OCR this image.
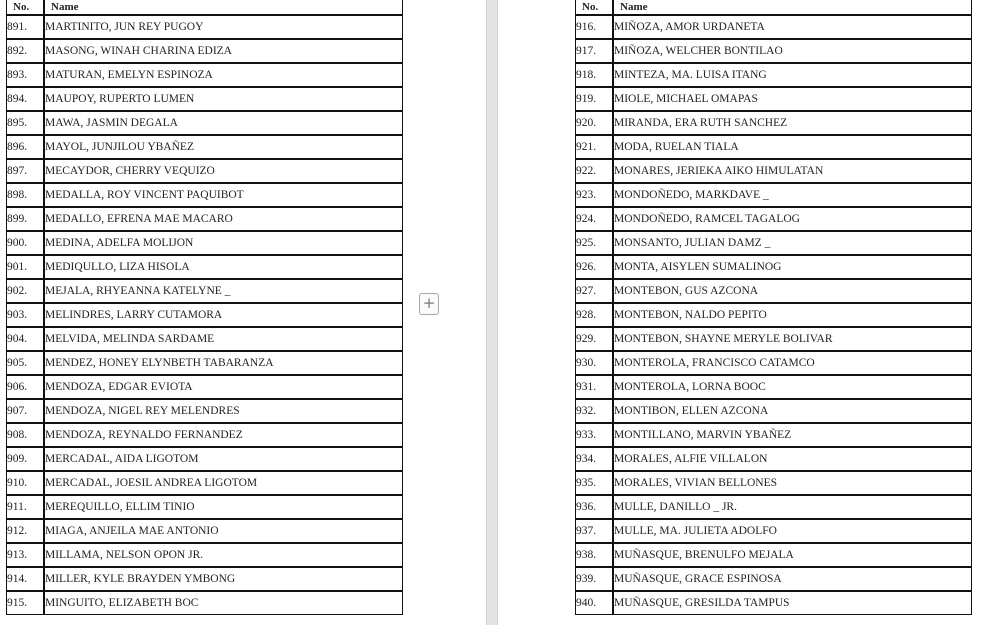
No.	Name
891.	MARTINITO, JUN REY PUGOY
892.	MASONG, WINAH CHARINA EDIZA
893.	MATURAN, EMELYN ESPINOZA
894.	MAUPOY, RUPERTO LUMEN
895.	MAWA, JASMIN DEGALA
896.	MAYOL, JUNJILOU YBAÑEZ
897.	MECAYDOR, CHERRY VEQUIZO
898.	MEDALLA, ROY VINCENT PAQUIBOT
899.	MEDALLO, EFRENA MAE MACARO
900.	MEDINA, ADELFA MOLIJON
901.	MEDIQULLO, LIZA HISOLA
902.	MEJALA, RHYEANNA KATELYNE _
903.	MELINDRES, LARRY CUTAMORA
904.	MELVIDA, MELINDA SARDAME
905.	MENDEZ, HONEY ELYNBETH TABARANZA
906.	MENDOZA, EDGAR EVIOTA
907.	MENDOZA, NIGEL REY MELENDRES
908.	MENDOZA, REYNALDO FERNANDEZ
909.	MERCADAL, AIDA LIGOTOM
910.	MERCADAL, JOESIL ANDREA LIGOTOM
911.	MEREQUILLO, ELLIM TINIO
912.	MIAGA, ANJEILA MAE ANTONIO
913.	MILLAMA, NELSON OPON JR.
914.	MILLER, KYLE BRAYDEN YMBONG
915.	MINGUITO, ELIZABETH BOC
+
No.	Name
916.	MIÑOZA, AMOR URDANETA
917.	MIÑOZA, WELCHER BONTILAO
918.	MINTEZA, MA. LUISA ITANG
919.	MIOLE, MICHAEL OMAPAS
920.	MIRANDA, ERA RUTH SANCHEZ
921.	MODA, RUELAN TIALA
922.	MONARES, JERIEKA AIKO HIMULATAN
923.	MONDOÑEDO, MARKDAVE _
924.	MONDOÑEDO, RAMCEL TAGALOG
925.	MONSANTO, JULIAN DAMZ _
926.	MONTA, AISYLEN SUMALINOG
927.	MONTEBON, GUS AZCONA
928.	MONTEBON, NALDO PEPITO
929.	MONTEBON, SHAYNE MERYLE BOLIVAR
930.	MONTEROLA, FRANCISCO CATAMCO
931.	MONTEROLA, LORNA BOOC
932.	MONTIBON, ELLEN AZCONA
933.	MONTILLANO, MARVIN YBAÑEZ
934.	MORALES, ALFIE VILLALON
935.	MORALES, VIVIAN BELLONES
936.	MULLE, DANILLO _ JR.
937.	MULLE, MA. JULIETA ADOLFO
938.	MUÑASQUE, BRENULFO MEJALA
939.	MUÑASQUE, GRACE ESPINOSA
940.	MUÑASQUE, GRESILDA TAMPUS
